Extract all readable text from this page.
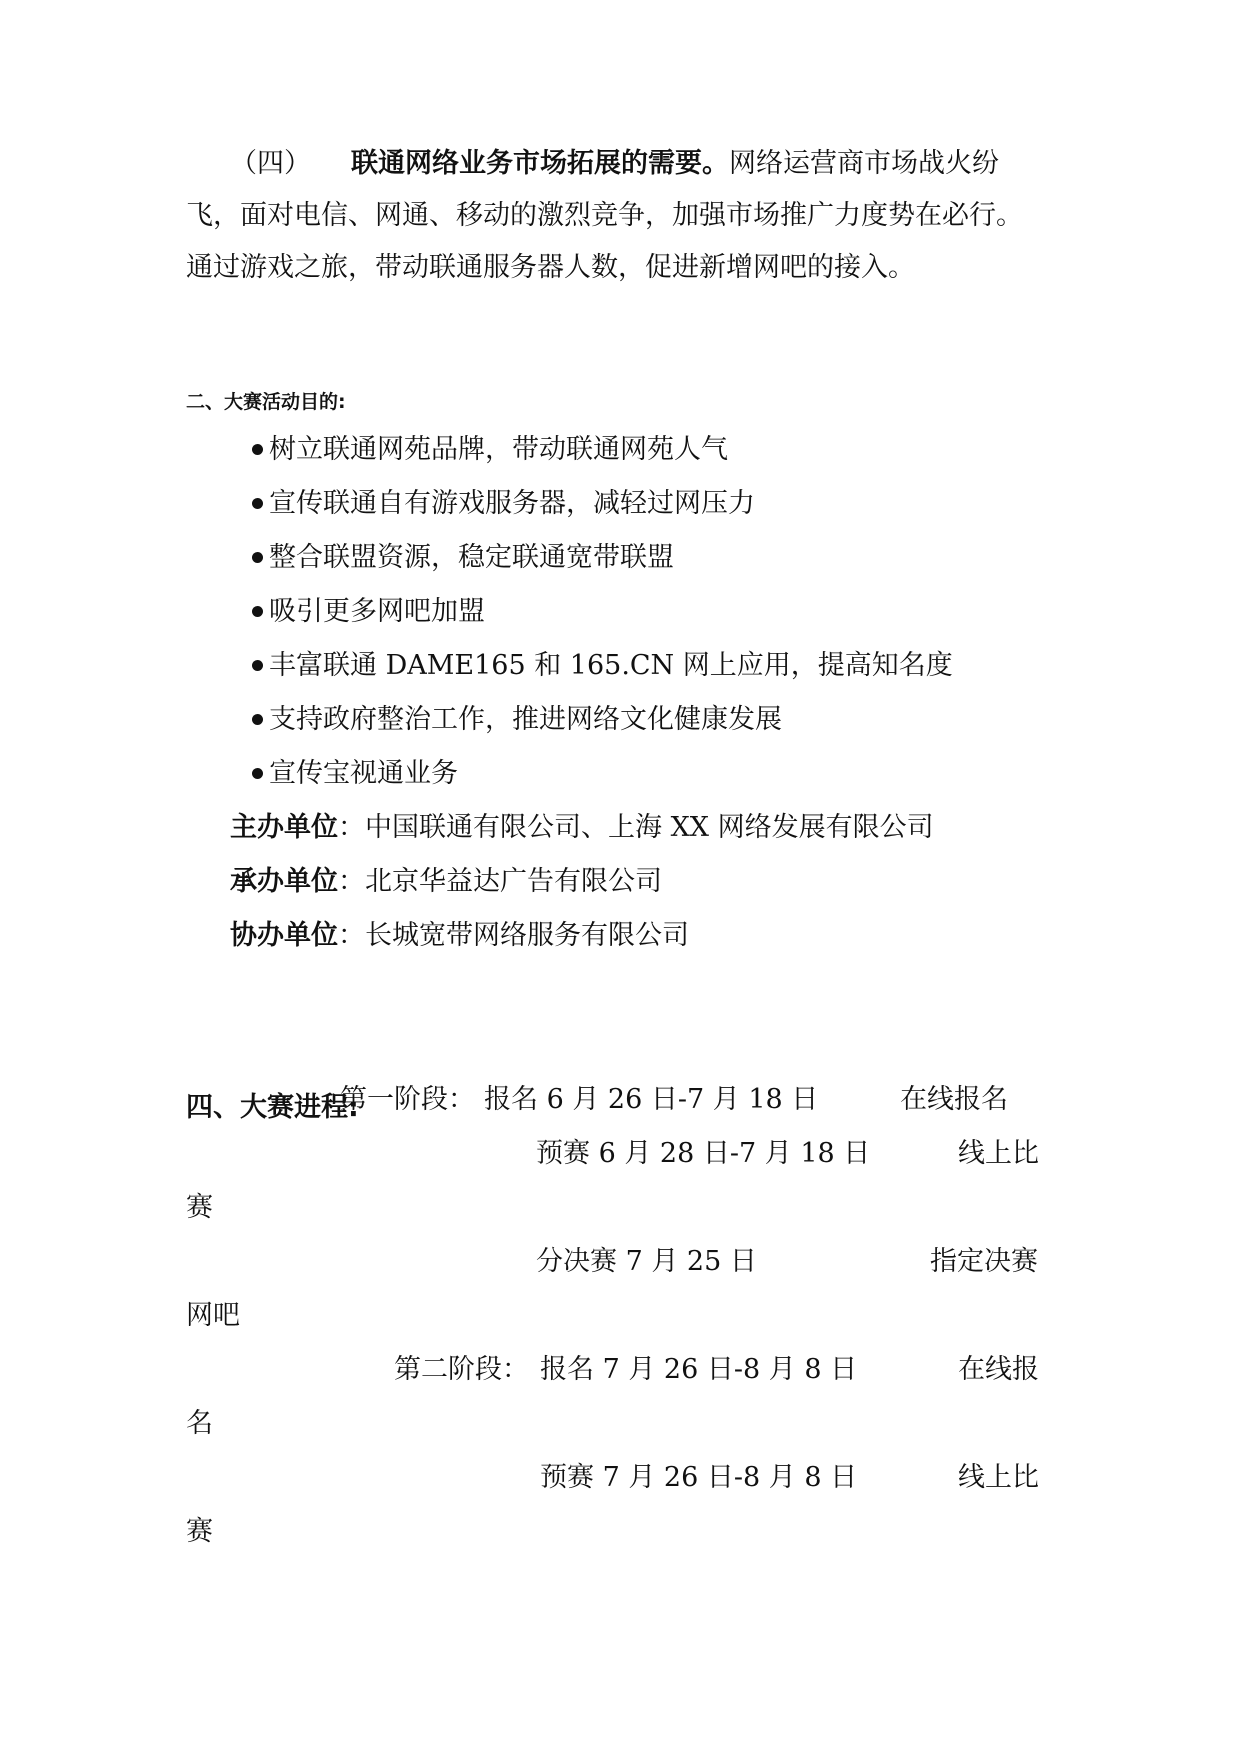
（四） 联通网络业务市场拓展的需要。网络运营商市场战火纷
飞，面对电信、网通、移动的激烈竞争，加强市场推广力度势在必行。
通过游戏之旅，带动联通服务器人数，促进新增网吧的接入。
二、大赛活动目的:
树立联通网苑品牌，带动联通网苑人气
宣传联通自有游戏服务器，减轻过网压力
整合联盟资源，稳定联通宽带联盟
吸引更多网吧加盟
丰富联通 DAME165 和 165.CN 网上应用，提高知名度
支持政府整治工作，推进网络文化健康发展
宣传宝视通业务
主办单位：中国联通有限公司、上海 XX 网络发展有限公司
承办单位：北京华益达广告有限公司
协办单位：长城宽带网络服务有限公司
四、大赛进程:
第一阶段： 报名 6 月 26 日-7 月 18 日	在线报名
预赛 6 月 28 日-7 月 18 日	线上比
赛
分决赛 7 月 25 日	指定决赛
网吧
第二阶段： 报名 7 月 26 日-8 月 8 日	在线报
名
预赛 7 月 26 日-8 月 8 日	线上比
赛
